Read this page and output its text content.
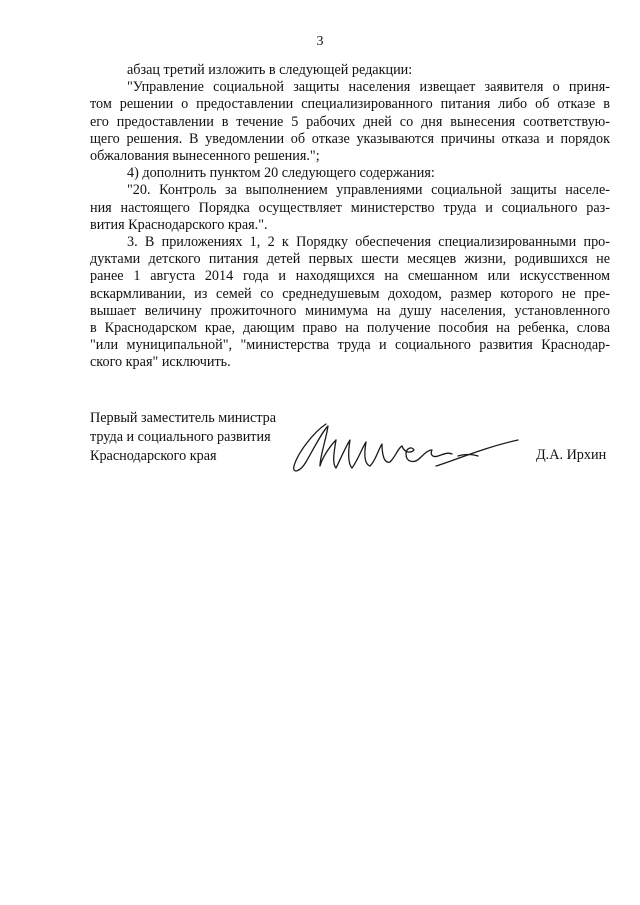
3
абзац третий изложить в следующей редакции:
"Управление социальной защиты населения извещает заявителя о приня-
том решении о предоставлении специализированного питания либо об отказе в
его предоставлении в течение 5 рабочих дней со дня вынесения соответствую-
щего решения. В уведомлении об отказе указываются причины отказа и порядок
обжалования вынесенного решения.";
4) дополнить пунктом 20 следующего содержания:
"20. Контроль за выполнением управлениями социальной защиты населе-
ния настоящего Порядка осуществляет министерство труда и социального раз-
вития Краснодарского края.".
3. В приложениях 1, 2 к Порядку обеспечения специализированными про-
дуктами детского питания детей первых шести месяцев жизни, родившихся не
ранее 1 августа 2014 года и находящихся на смешанном или искусственном
вскармливании, из семей со среднедушевым доходом, размер которого не пре-
вышает величину прожиточного минимума на душу населения, установленного
в Краснодарском крае, дающим право на получение пособия на ребенка, слова
"или муниципальной", "министерства труда и социального развития Краснодар-
ского края" исключить.
Первый заместитель министра
труда и социального развития
Краснодарского края	Д.А. Ирхин
